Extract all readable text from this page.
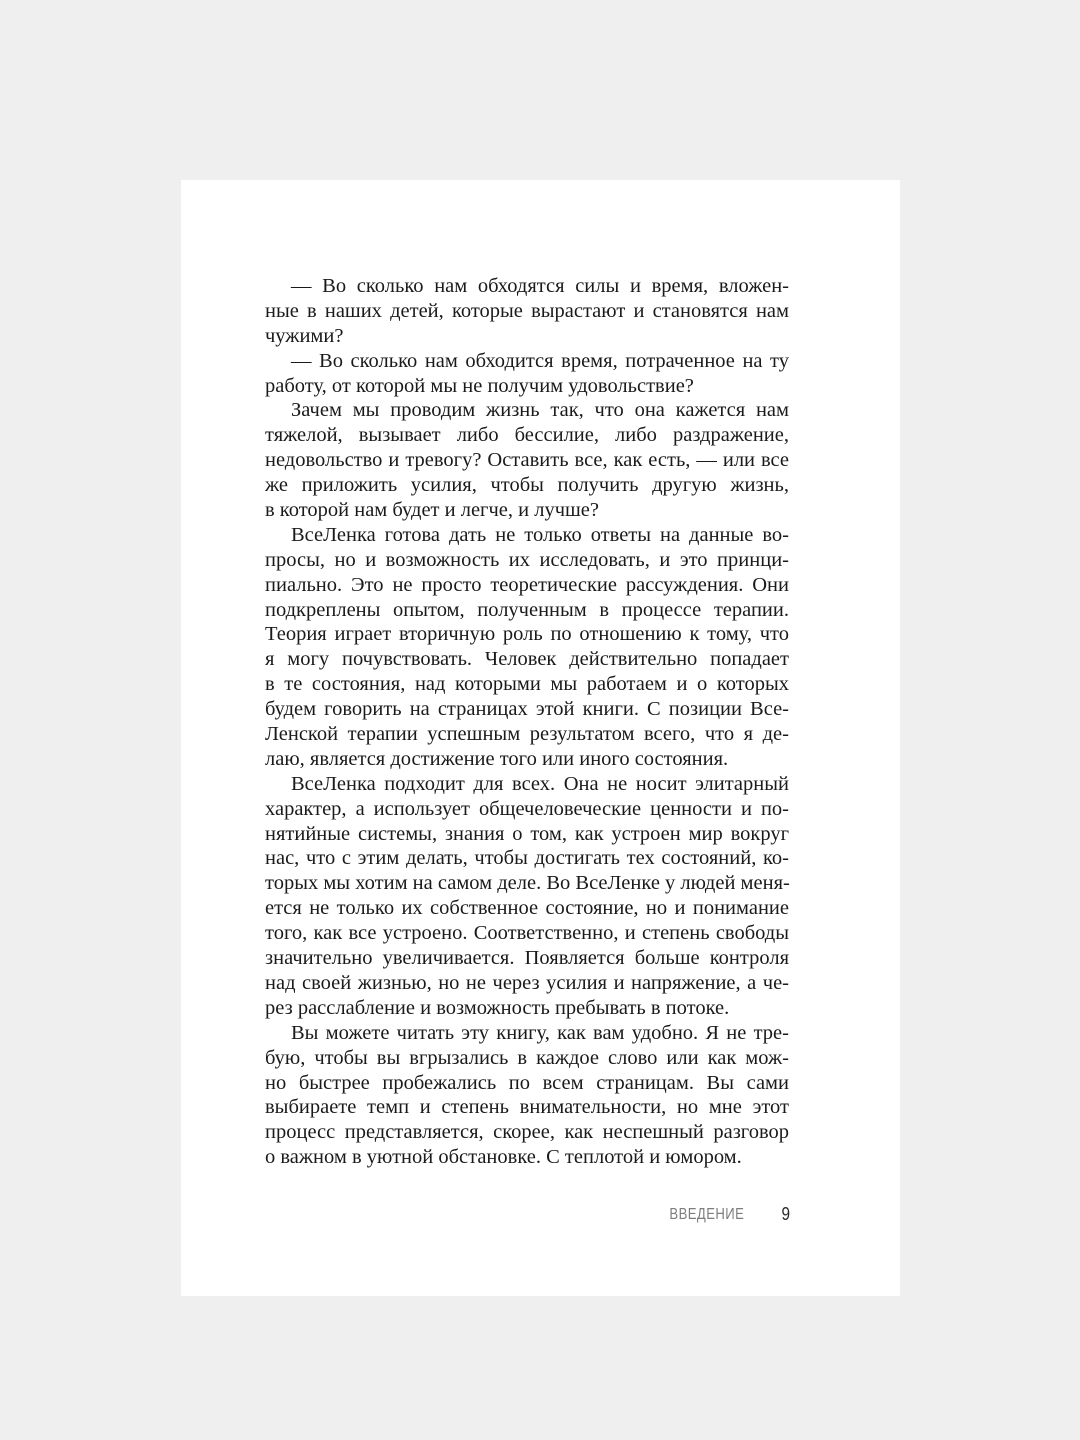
— Во сколько нам обходятся силы и время, вложен-
ные в наших детей, которые вырастают и становятся нам
чужими?
— Во сколько нам обходится время, потраченное на ту
работу, от которой мы не получим удовольствие?
Зачем мы проводим жизнь так, что она кажется нам
тяжелой, вызывает либо бессилие, либо раздражение,
недовольство и тревогу? Оставить все, как есть, — или все
же приложить усилия, чтобы получить другую жизнь,
в которой нам будет и легче, и лучше?
ВсеЛенка готова дать не только ответы на данные во-
просы, но и возможность их исследовать, и это принци-
пиально. Это не просто теоретические рассуждения. Они
подкреплены опытом, полученным в процессе терапии.
Теория играет вторичную роль по отношению к тому, что
я могу почувствовать. Человек действительно попадает
в те состояния, над которыми мы работаем и о которых
будем говорить на страницах этой книги. С позиции Все-
Ленской терапии успешным результатом всего, что я де-
лаю, является достижение того или иного состояния.
ВсеЛенка подходит для всех. Она не носит элитарный
характер, а использует общечеловеческие ценности и по-
нятийные системы, знания о том, как устроен мир вокруг
нас, что с этим делать, чтобы достигать тех состояний, ко-
торых мы хотим на самом деле. Во ВсеЛенке у людей меня-
ется не только их собственное состояние, но и понимание
того, как все устроено. Соответственно, и степень свободы
значительно увеличивается. Появляется больше контроля
над своей жизнью, но не через усилия и напряжение, а че-
рез расслабление и возможность пребывать в потоке.
Вы можете читать эту книгу, как вам удобно. Я не тре-
бую, чтобы вы вгрызались в каждое слово или как мож-
но быстрее пробежались по всем страницам. Вы сами
выбираете темп и степень внимательности, но мне этот
процесс представляется, скорее, как неспешный разговор
о важном в уютной обстановке. С теплотой и юмором.
ВВЕДЕНИЕ 9
